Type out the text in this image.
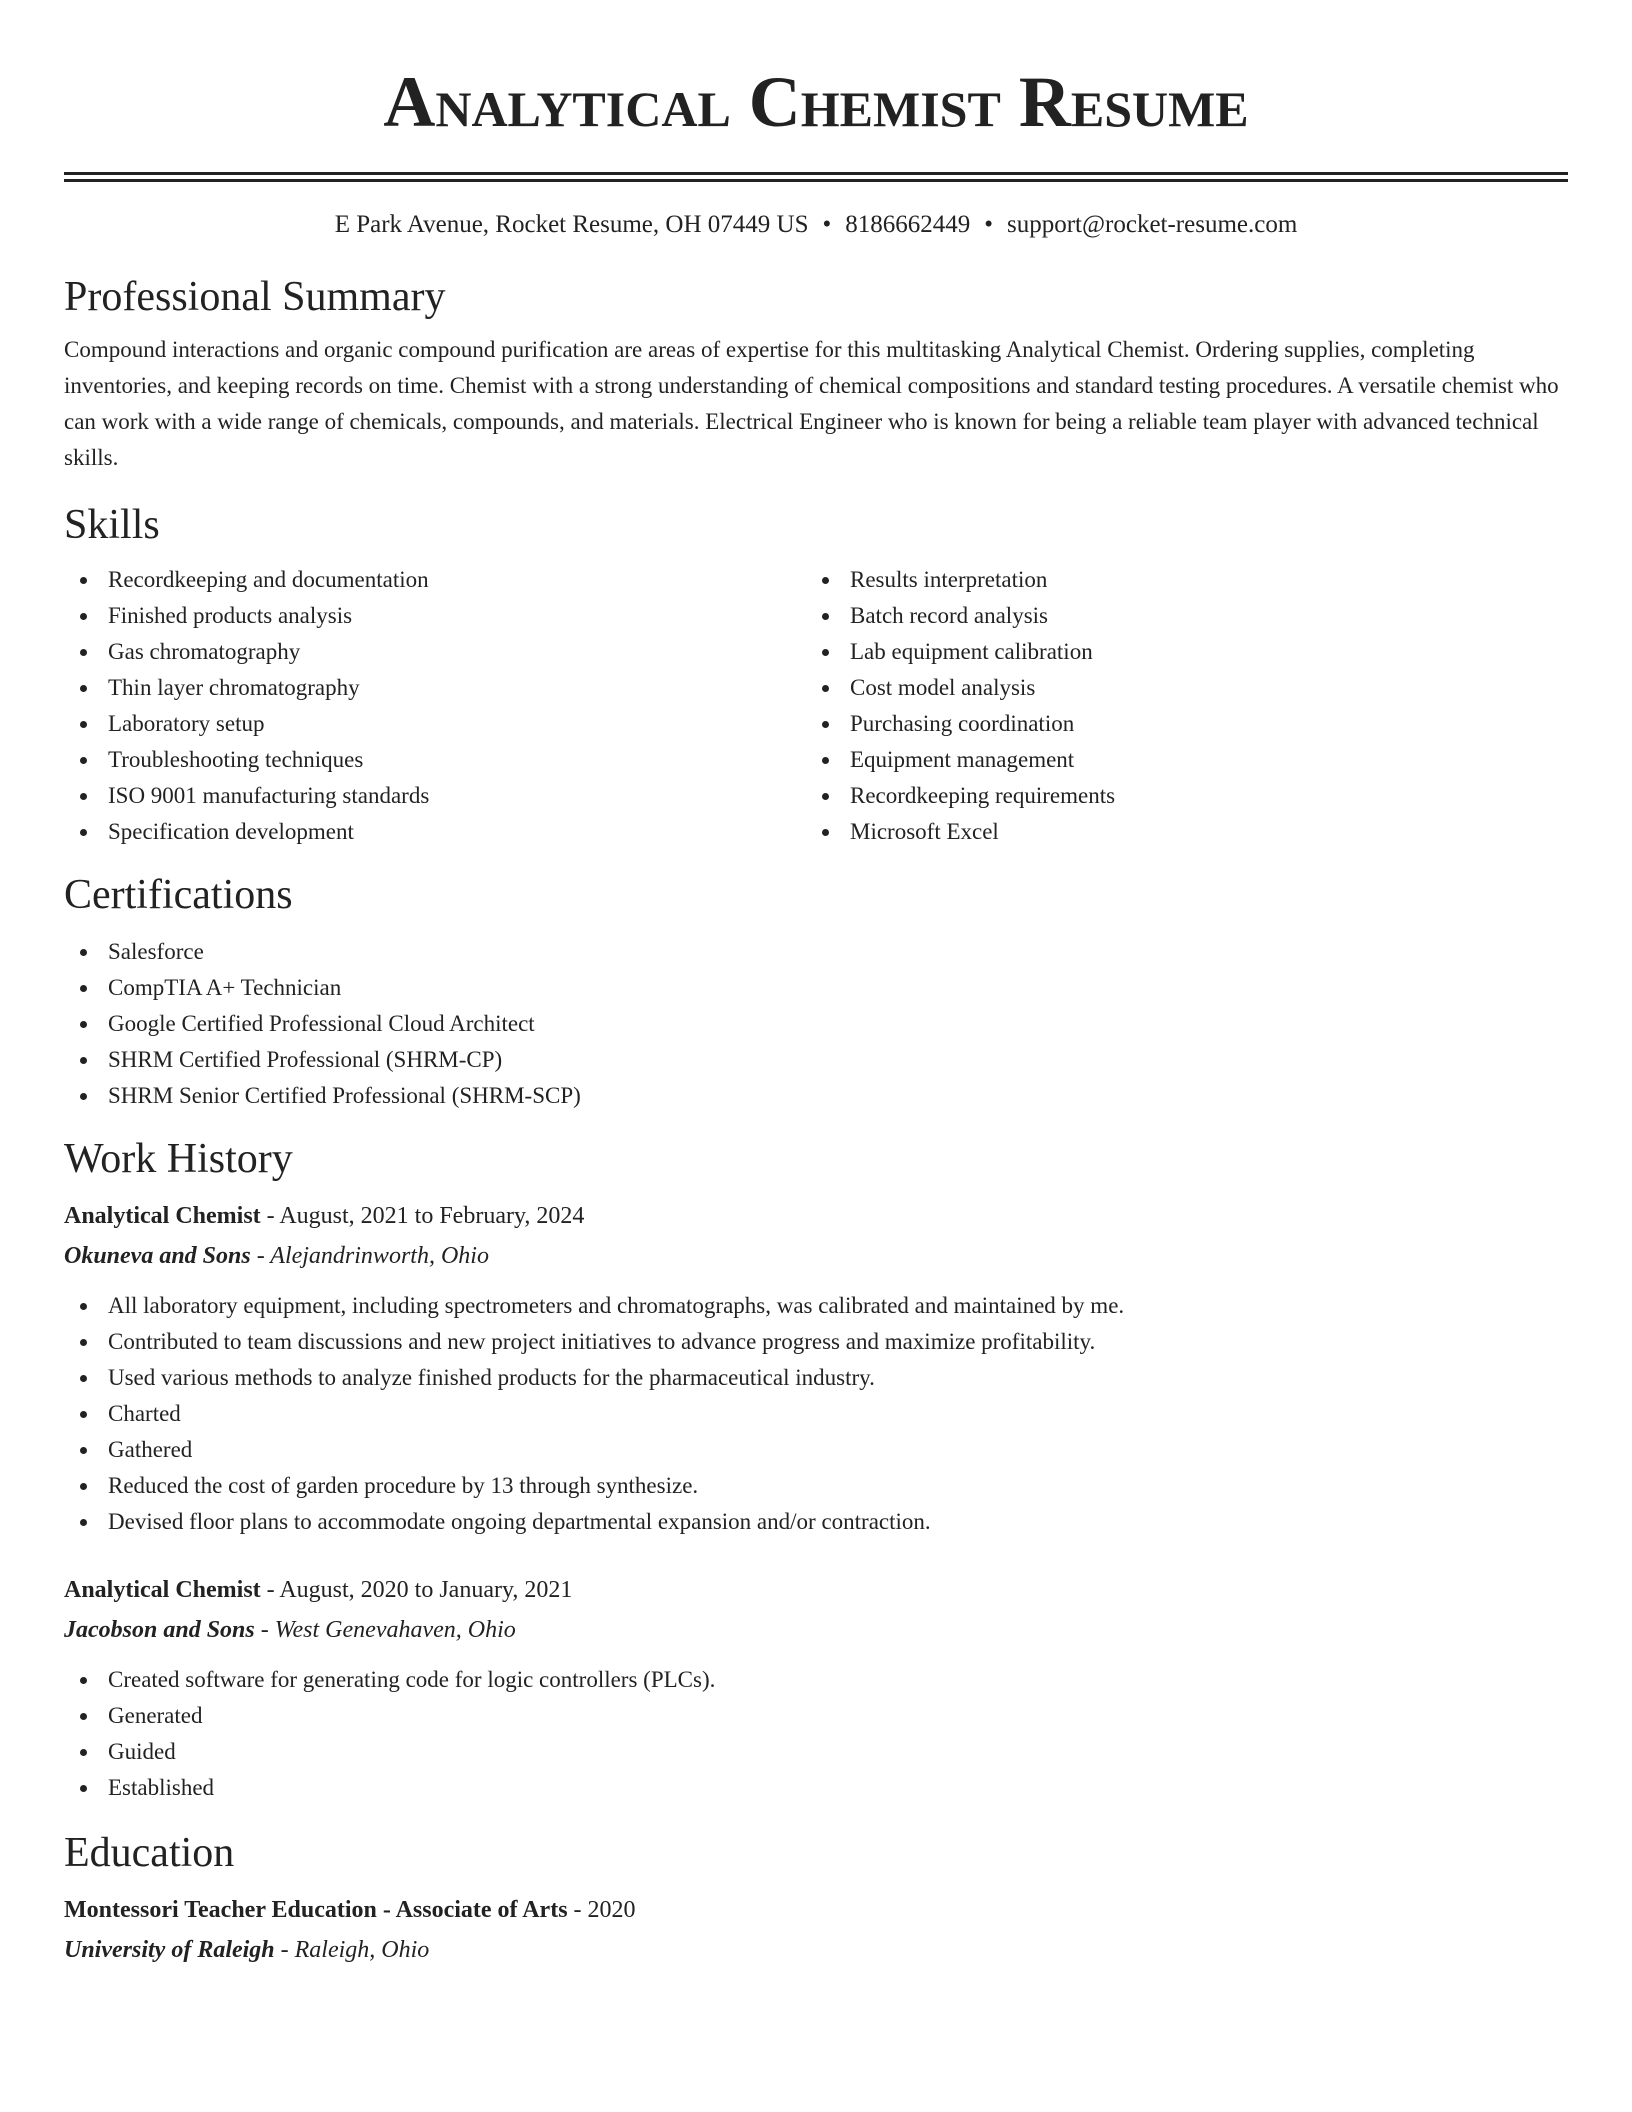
Analytical Chemist Resume
E Park Avenue, Rocket Resume, OH 07449 US • 8186662449 • support@rocket-resume.com
Professional Summary

Compound interactions and organic compound purification are areas of expertise for this multitasking Analytical Chemist. Ordering supplies, completing inventories, and keeping records on time. Chemist with a strong understanding of chemical compositions and standard testing procedures. A versatile chemist who can work with a wide range of chemicals, compounds, and materials. Electrical Engineer who is known for being a reliable team player with advanced technical skills.

Skills
Recordkeeping and documentation
Finished products analysis
Gas chromatography
Thin layer chromatography
Laboratory setup
Troubleshooting techniques
ISO 9001 manufacturing standards
Specification development
Results interpretation
Batch record analysis
Lab equipment calibration
Cost model analysis
Purchasing coordination
Equipment management
Recordkeeping requirements
Microsoft Excel
Certifications
Salesforce
CompTIA A+ Technician
Google Certified Professional Cloud Architect
SHRM Certified Professional (SHRM-CP)
SHRM Senior Certified Professional (SHRM-SCP)
Work History
Analytical Chemist - August, 2021 to February, 2024
Okuneva and Sons - Alejandrinworth, Ohio
All laboratory equipment, including spectrometers and chromatographs, was calibrated and maintained by me.
Contributed to team discussions and new project initiatives to advance progress and maximize profitability.
Used various methods to analyze finished products for the pharmaceutical industry.
Charted
Gathered
Reduced the cost of garden procedure by 13 through synthesize.
Devised floor plans to accommodate ongoing departmental expansion and/or contraction.
Analytical Chemist - August, 2020 to January, 2021
Jacobson and Sons - West Genevahaven, Ohio
Created software for generating code for logic controllers (PLCs).
Generated
Guided
Established
Education
Montessori Teacher Education - Associate of Arts - 2020
University of Raleigh - Raleigh, Ohio
